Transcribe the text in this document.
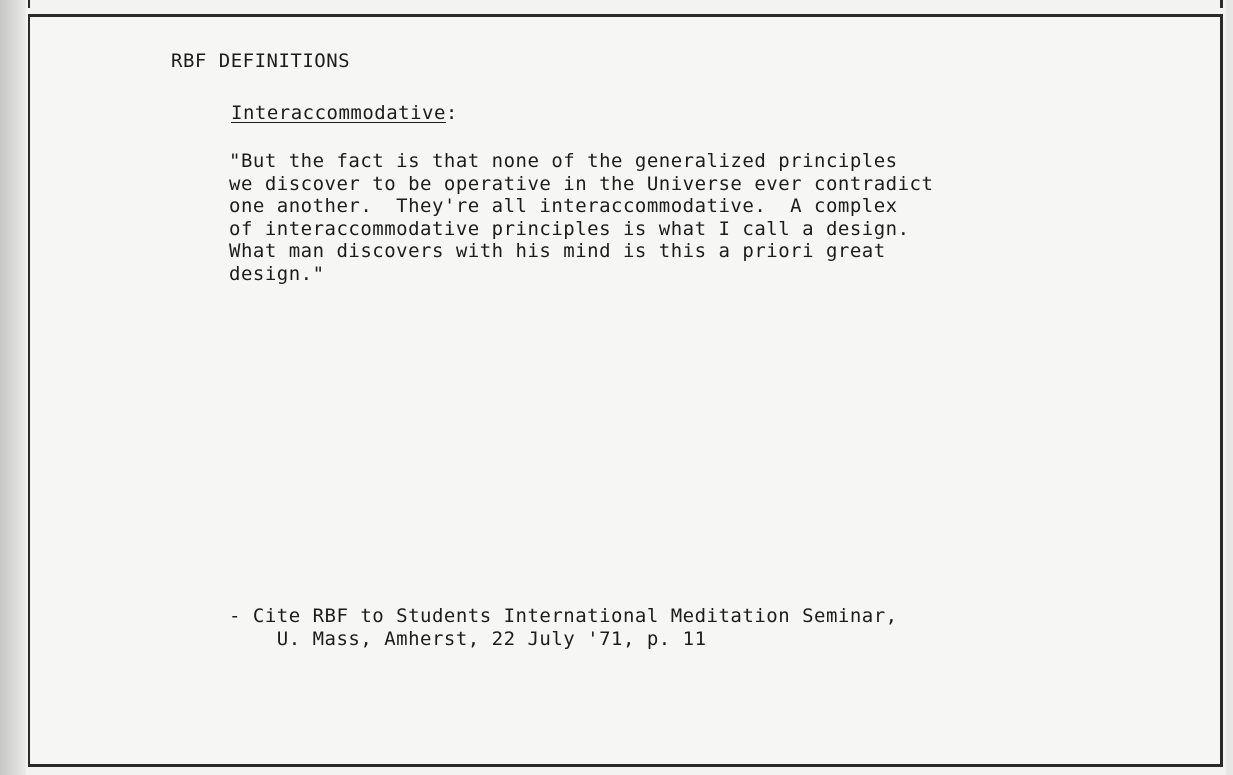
RBF DEFINITIONS
Interaccommodative:
"But the fact is that none of the generalized principles
we discover to be operative in the Universe ever contradict
one another.  They're all interaccommodative.  A complex
of interaccommodative principles is what I call a design.
What man discovers with his mind is this a priori great
design."
- Cite RBF to Students International Meditation Seminar,
U. Mass, Amherst, 22 July '71, p. 11
